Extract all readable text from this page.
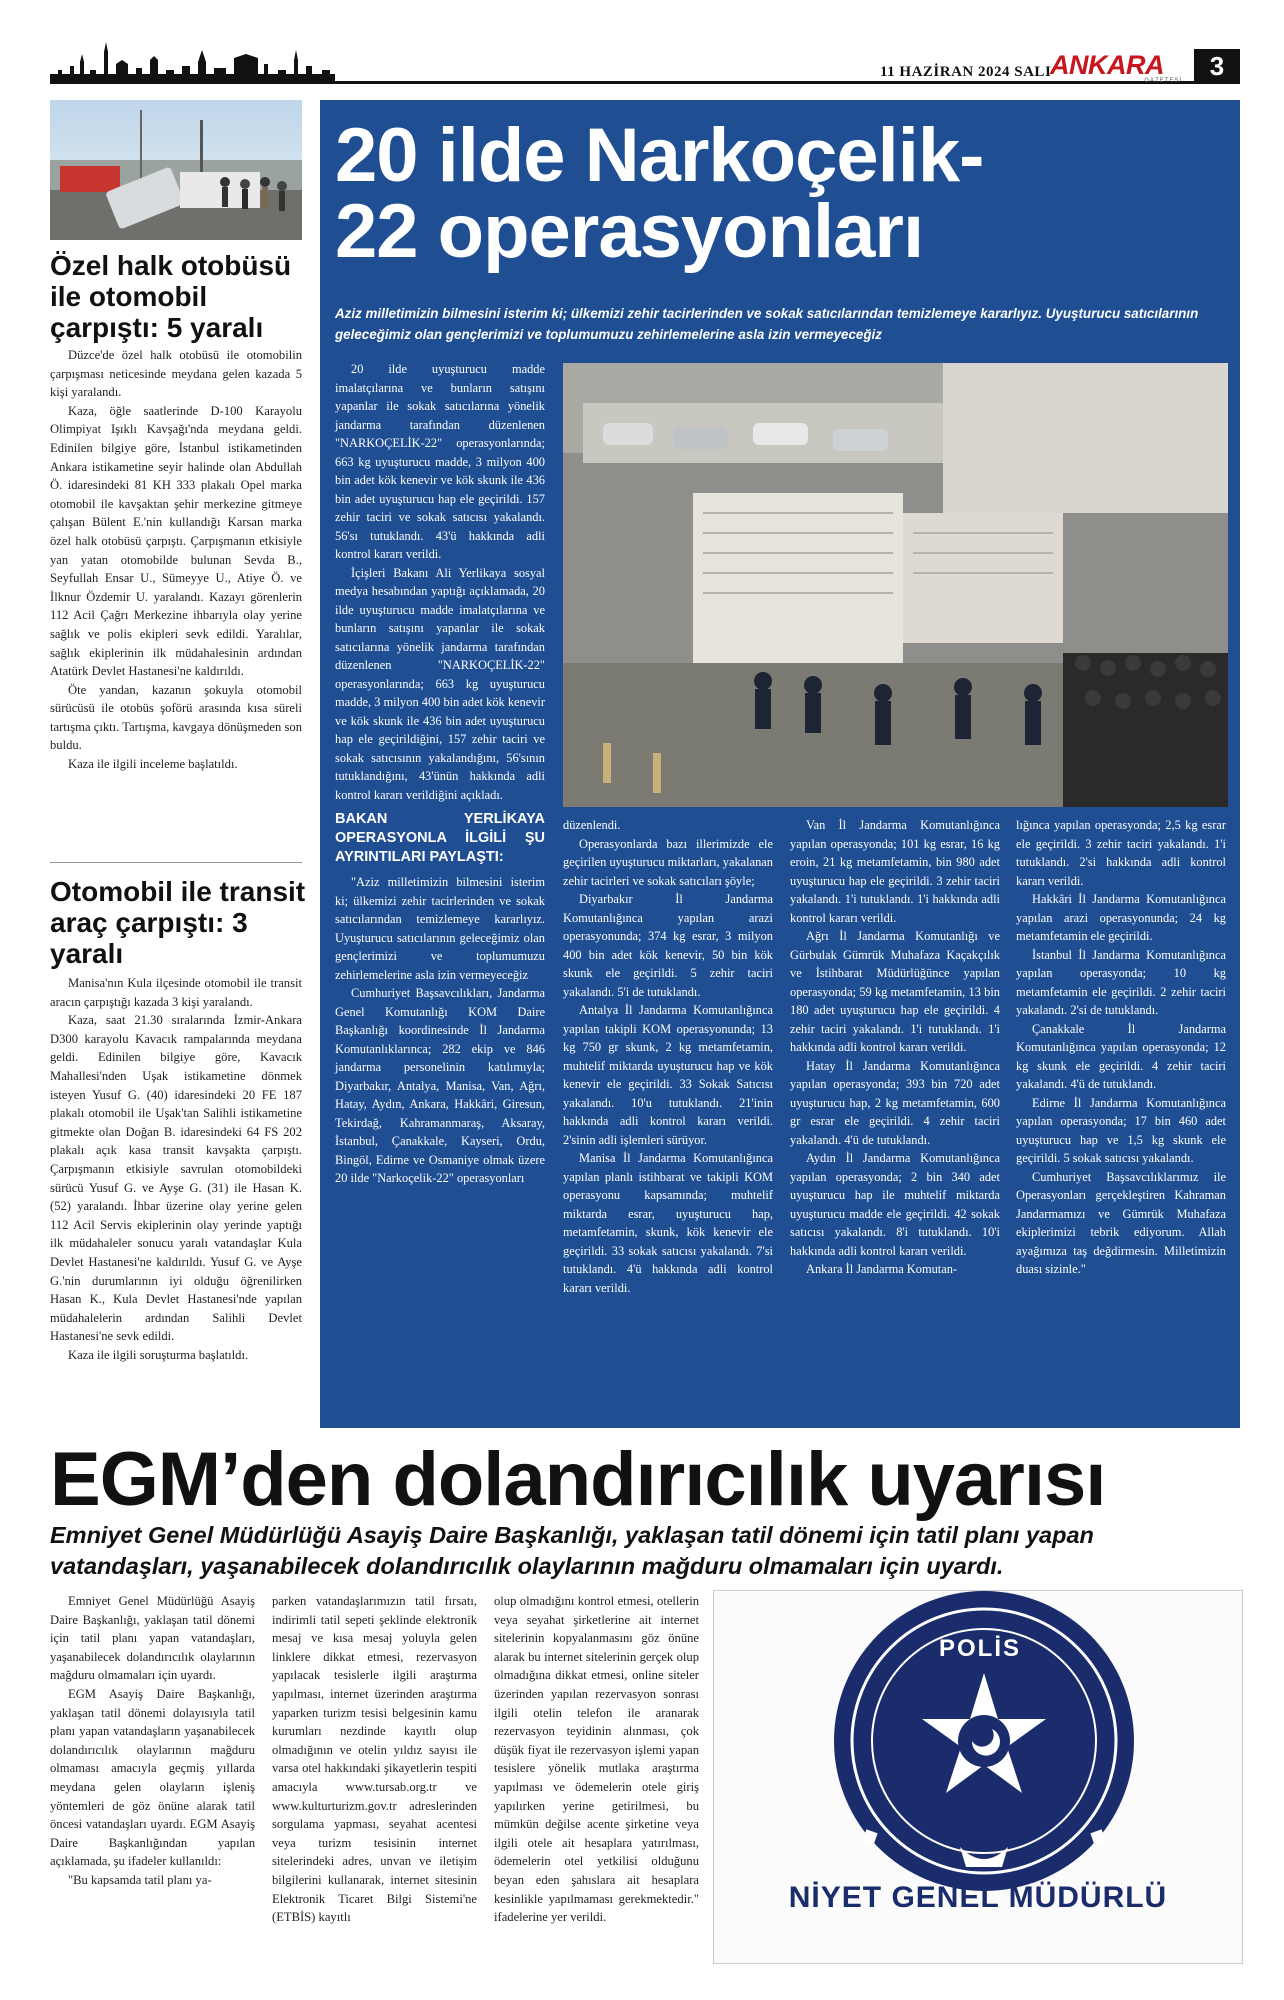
11 HAZİRAN 2024 SALI
ANKARA
GAZETESİ	3
Özel halk otobüsü ile otomobil çarpıştı: 5 yaralı

Düzce'de özel halk otobüsü ile otomobilin çarpışması neticesinde meydana gelen kazada 5 kişi yaralandı.

Kaza, öğle saatlerinde D-100 Karayolu Olimpiyat Işıklı Kavşağı'nda meydana geldi. Edinilen bilgiye göre, İstanbul istikametinden Ankara istikametine seyir halinde olan Abdullah Ö. idaresindeki 81 KH 333 plakalı Opel marka otomobil ile kavşaktan şehir merkezine gitmeye çalışan Bülent E.'nin kullandığı Karsan marka özel halk otobüsü çarpıştı. Çarpışmanın etkisiyle yan yatan otomobilde bulunan Sevda B., Seyfullah Ensar U., Sümeyye U., Atiye Ö. ve İlknur Özdemir U. yaralandı. Kazayı görenlerin 112 Acil Çağrı Merkezine ihbarıyla olay yerine sağlık ve polis ekipleri sevk edildi. Yaralılar, sağlık ekiplerinin ilk müdahalesinin ardından Atatürk Devlet Hastanesi'ne kaldırıldı.

Öte yandan, kazanın şokuyla otomobil sürücüsü ile otobüs şoförü arasında kısa süreli tartışma çıktı. Tartışma, kavgaya dönüşmeden son buldu.

Kaza ile ilgili inceleme başlatıldı.

Otomobil ile transit araç çarpıştı: 3 yaralı

Manisa'nın Kula ilçesinde otomobil ile transit aracın çarpıştığı kazada 3 kişi yaralandı.

Kaza, saat 21.30 sıralarında İzmir-Ankara D300 karayolu Kavacık rampalarında meydana geldi. Edinilen bilgiye göre, Kavacık Mahallesi'nden Uşak istikametine dönmek isteyen Yusuf G. (40) idaresindeki 20 FE 187 plakalı otomobil ile Uşak'tan Salihli istikametine gitmekte olan Doğan B. idaresindeki 64 FS 202 plakalı açık kasa transit kavşakta çarpıştı. Çarpışmanın etkisiyle savrulan otomobildeki sürücü Yusuf G. ve Ayşe G. (31) ile Hasan K. (52) yaralandı. İhbar üzerine olay yerine gelen 112 Acil Servis ekiplerinin olay yerinde yaptığı ilk müdahaleler sonucu yaralı vatandaşlar Kula Devlet Hastanesi'ne kaldırıldı. Yusuf G. ve Ayşe G.'nin durumlarının iyi olduğu öğrenilirken Hasan K., Kula Devlet Hastanesi'nde yapılan müdahalelerin ardından Salihli Devlet Hastanesi'ne sevk edildi.

Kaza ile ilgili soruşturma başlatıldı.

20 ilde Narkoçelik-
22 operasyonları
Aziz milletimizin bilmesini isterim ki; ülkemizi zehir tacirlerinden ve sokak satıcılarından temizlemeye kararlıyız. Uyuşturucu satıcılarının geleceğimiz olan gençlerimizi ve toplumumuzu zehirlemelerine asla izin vermeyeceğiz

20 ilde uyuşturucu madde imalatçılarına ve bunların satışını yapanlar ile sokak satıcılarına yönelik jandarma tarafından düzenlenen "NARKOÇELİK-22" operasyonlarında; 663 kg uyuşturucu madde, 3 milyon 400 bin adet kök kenevir ve kök skunk ile 436 bin adet uyuşturucu hap ele geçirildi. 157 zehir taciri ve sokak satıcısı yakalandı. 56'sı tutuklandı. 43'ü hakkında adli kontrol kararı verildi.

İçişleri Bakanı Ali Yerlikaya sosyal medya hesabından yaptığı açıklamada, 20 ilde uyuşturucu madde imalatçılarına ve bunların satışını yapanlar ile sokak satıcılarına yönelik jandarma tarafından düzenlenen "NARKOÇELİK-22" operasyonlarında; 663 kg uyuşturucu madde, 3 milyon 400 bin adet kök kenevir ve kök skunk ile 436 bin adet uyuşturucu hap ele geçirildiğini, 157 zehir taciri ve sokak satıcısının yakalandığını, 56'sının tutuklandığını, 43'ünün hakkında adli kontrol kararı verildiğini açıkladı.

BAKAN YERLİKAYA OPERASYONLA İLGİLİ ŞU AYRINTILARI PAYLAŞTI:

"Aziz milletimizin bilmesini isterim ki; ülkemizi zehir tacirlerinden ve sokak satıcılarından temizlemeye kararlıyız. Uyuşturucu satıcılarının geleceğimiz olan gençlerimizi ve toplumumuzu zehirlemelerine asla izin vermeyeceğiz

Cumhuriyet Başsavcılıkları, Jandarma Genel Komutanlığı KOM Daire Başkanlığı koordinesinde İl Jandarma Komutanlıklarınca; 282 ekip ve 846 jandarma personelinin katılımıyla; Diyarbakır, Antalya, Manisa, Van, Ağrı, Hatay, Aydın, Ankara, Hakkâri, Giresun, Tekirdağ, Kahramanmaraş, Aksaray, İstanbul, Çanakkale, Kayseri, Ordu, Bingöl, Edirne ve Osmaniye olmak üzere 20 ilde "Narkoçelik-22" operasyonları

düzenlendi.

Operasyonlarda bazı illerimizde ele geçirilen uyuşturucu miktarları, yakalanan zehir tacirleri ve sokak satıcıları şöyle;

Diyarbakır İl Jandarma Komutanlığınca yapılan arazi operasyonunda; 374 kg esrar, 3 milyon 400 bin adet kök kenevir, 50 bin kök skunk ele geçirildi. 5 zehir taciri yakalandı. 5'i de tutuklandı.

Antalya İl Jandarma Komutanlığınca yapılan takipli KOM operasyonunda; 13 kg 750 gr skunk, 2 kg metamfetamin, muhtelif miktarda uyuşturucu hap ve kök kenevir ele geçirildi. 33 Sokak Satıcısı yakalandı. 10'u tutuklandı. 21'inin hakkında adli kontrol kararı verildi. 2'sinin adli işlemleri sürüyor.

Manisa İl Jandarma Komutanlığınca yapılan planlı istihbarat ve takipli KOM operasyonu kapsamında; muhtelif miktarda esrar, uyuşturucu hap, metamfetamin, skunk, kök kenevir ele geçirildi. 33 sokak satıcısı yakalandı. 7'si tutuklandı. 4'ü hakkında adli kontrol kararı verildi.

Van İl Jandarma Komutanlığınca yapılan operasyonda; 101 kg esrar, 16 kg eroin, 21 kg metamfetamin, bin 980 adet uyuşturucu hap ele geçirildi. 3 zehir taciri yakalandı. 1'i tutuklandı. 1'i hakkında adli kontrol kararı verildi.

Ağrı İl Jandarma Komutanlığı ve Gürbulak Gümrük Muhafaza Kaçakçılık ve İstihbarat Müdürlüğünce yapılan operasyonda; 59 kg metamfetamin, 13 bin 180 adet uyuşturucu hap ele geçirildi. 4 zehir taciri yakalandı. 1'i tutuklandı. 1'i hakkında adli kontrol kararı verildi.

Hatay İl Jandarma Komutanlığınca yapılan operasyonda; 393 bin 720 adet uyuşturucu hap, 2 kg metamfetamin, 600 gr esrar ele geçirildi. 4 zehir taciri yakalandı. 4'ü de tutuklandı.

Aydın İl Jandarma Komutanlığınca yapılan operasyonda; 2 bin 340 adet uyuşturucu hap ile muhtelif miktarda uyuşturucu madde ele geçirildi. 42 sokak satıcısı yakalandı. 8'i tutuklandı. 10'i hakkında adli kontrol kararı verildi.

Ankara İl Jandarma Komutan-

lığınca yapılan operasyonda; 2,5 kg esrar ele geçirildi. 3 zehir taciri yakalandı. 1'i tutuklandı. 2'si hakkında adli kontrol kararı verildi.

Hakkâri İl Jandarma Komutanlığınca yapılan arazi operasyonunda; 24 kg metamfetamin ele geçirildi.

İstanbul İl Jandarma Komutanlığınca yapılan operasyonda; 10 kg metamfetamin ele geçirildi. 2 zehir taciri yakalandı. 2'si de tutuklandı.

Çanakkale İl Jandarma Komutanlığınca yapılan operasyonda; 12 kg skunk ele geçirildi. 4 zehir taciri yakalandı. 4'ü de tutuklandı.

Edirne İl Jandarma Komutanlığınca yapılan operasyonda; 17 bin 460 adet uyuşturucu hap ve 1,5 kg skunk ele geçirildi. 5 sokak satıcısı yakalandı.

Cumhuriyet Başsavcılıklarımız ile Operasyonları gerçekleştiren Kahraman Jandarmamızı ve Gümrük Muhafaza ekiplerimizi tebrik ediyorum. Allah ayağımıza taş değdirmesin. Milletimizin duası sizinle."

EGM’den dolandırıcılık uyarısı
Emniyet Genel Müdürlüğü Asayiş Daire Başkanlığı, yaklaşan tatil dönemi için tatil planı yapan vatandaşları, yaşanabilecek dolandırıcılık olaylarının mağduru olmamaları için uyardı.

Emniyet Genel Müdürlüğü Asayiş Daire Başkanlığı, yaklaşan tatil dönemi için tatil planı yapan vatandaşları, yaşanabilecek dolandırıcılık olaylarının mağduru olmamaları için uyardı.

EGM Asayiş Daire Başkanlığı, yaklaşan tatil dönemi dolayısıyla tatil planı yapan vatandaşların yaşanabilecek dolandırıcılık olaylarının mağduru olmaması amacıyla geçmiş yıllarda meydana gelen olayların işleniş yöntemleri de göz önüne alarak tatil öncesi vatandaşları uyardı. EGM Asayiş Daire Başkanlığından yapılan açıklamada, şu ifadeler kullanıldı:

"Bu kapsamda tatil planı ya-

parken vatandaşlarımızın tatil fırsatı, indirimli tatil sepeti şeklinde elektronik mesaj ve kısa mesaj yoluyla gelen linklere dikkat etmesi, rezervasyon yapılacak tesislerle ilgili araştırma yapılması, internet üzerinden araştırma yaparken turizm tesisi belgesinin kamu kurumları nezdinde kayıtlı olup olmadığının ve otelin yıldız sayısı ile varsa otel hakkındaki şikayetlerin tespiti amacıyla www.tursab.org.tr ve www.kulturturizm.gov.tr adreslerinden sorgulama yapması, seyahat acentesi veya turizm tesisinin internet sitelerindeki adres, unvan ve iletişim bilgilerini kullanarak, internet sitesinin Elektronik Ticaret Bilgi Sistemi'ne (ETBİS) kayıtlı

olup olmadığını kontrol etmesi, otellerin veya seyahat şirketlerine ait internet sitelerinin kopyalanmasını göz önüne alarak bu internet sitelerinin gerçek olup olmadığına dikkat etmesi, online siteler üzerinden yapılan rezervasyon sonrası ilgili otelin telefon ile aranarak rezervasyon teyidinin alınması, çok düşük fiyat ile rezervasyon işlemi yapan tesislere yönelik mutlaka araştırma yapılması ve ödemelerin otele giriş yapılırken yerine getirilmesi, bu mümkün değilse acente şirketine veya ilgili otele ait hesaplara yatırılması, ödemelerin otel yetkilisi olduğunu beyan eden şahıslara ait hesaplara kesinlikle yapılmaması gerekmektedir." ifadelerine yer verildi.

POLİS
NİYET GENEL MÜDÜRLÜ
